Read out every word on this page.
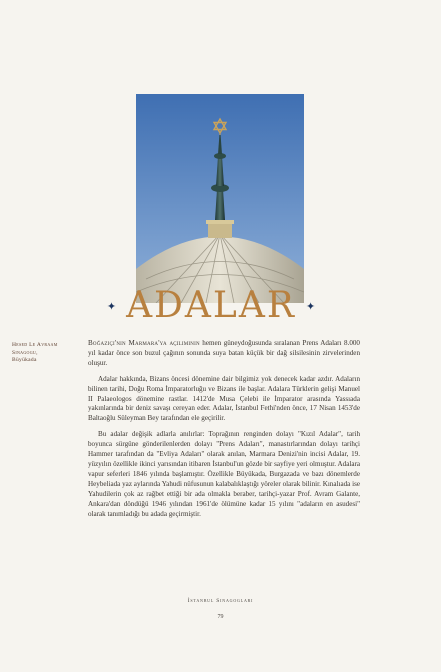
✦ ADALAR ✦
Hesed Le Avraam
Sinagogu,
Büyükada

Boğaziçi'nin Marmara'ya açılımının hemen güneydoğusunda sıralanan Prens Adaları 8.000 yıl kadar önce son buzul çağının sonunda suya batan küçük bir dağ silsilesinin zirvelerinden oluşur.

Adalar hakkında, Bizans öncesi dönemine dair bilgimiz yok denecek kadar azdır. Adaların bilinen tarihi, Doğu Roma İmparatorluğu ve Bizans ile başlar. Adalara Türklerin gelişi Manuel II Palaeologos dönemine rastlar. 1412'de Musa Çelebi ile İmparator arasında Yassıada yakınlarında bir deniz savaşı cereyan eder. Adalar, İstanbul Fethi'nden önce, 17 Nisan 1453'de Baltaoğlu Süleyman Bey tarafından ele geçirilir.

Bu adalar değişik adlarla anılırlar: Toprağının renginden dolayı "Kızıl Adalar", tarih boyunca sürgüne gönderilenlerden dolayı "Prens Adaları", manastırlarından dolayı tarihçi Hammer tarafından da "Evliya Adaları" olarak anılan, Marmara Denizi'nin incisi Adalar, 19. yüzyılın özellikle ikinci yarısından itibaren İstanbul'un gözde bir sayfiye yeri olmuştur. Adalara vapur seferleri 1846 yılında başlamıştır. Özellikle Büyükada, Burgazada ve bazı dönemlerde Heybeliada yaz aylarında Yahudi nüfusunun kalabalıklaştığı yöreler olarak bilinir. Kınalıada ise Yahudilerin çok az rağbet ettiği bir ada olmakla beraber, tarihçi-yazar Prof. Avram Galante, Ankara'dan döndüğü 1946 yılından 1961'de ölümüne kadar 15 yılını "adaların en asudesi" olarak tanımladığı bu adada geçirmiştir.

İstanbul Sinagogları
79
